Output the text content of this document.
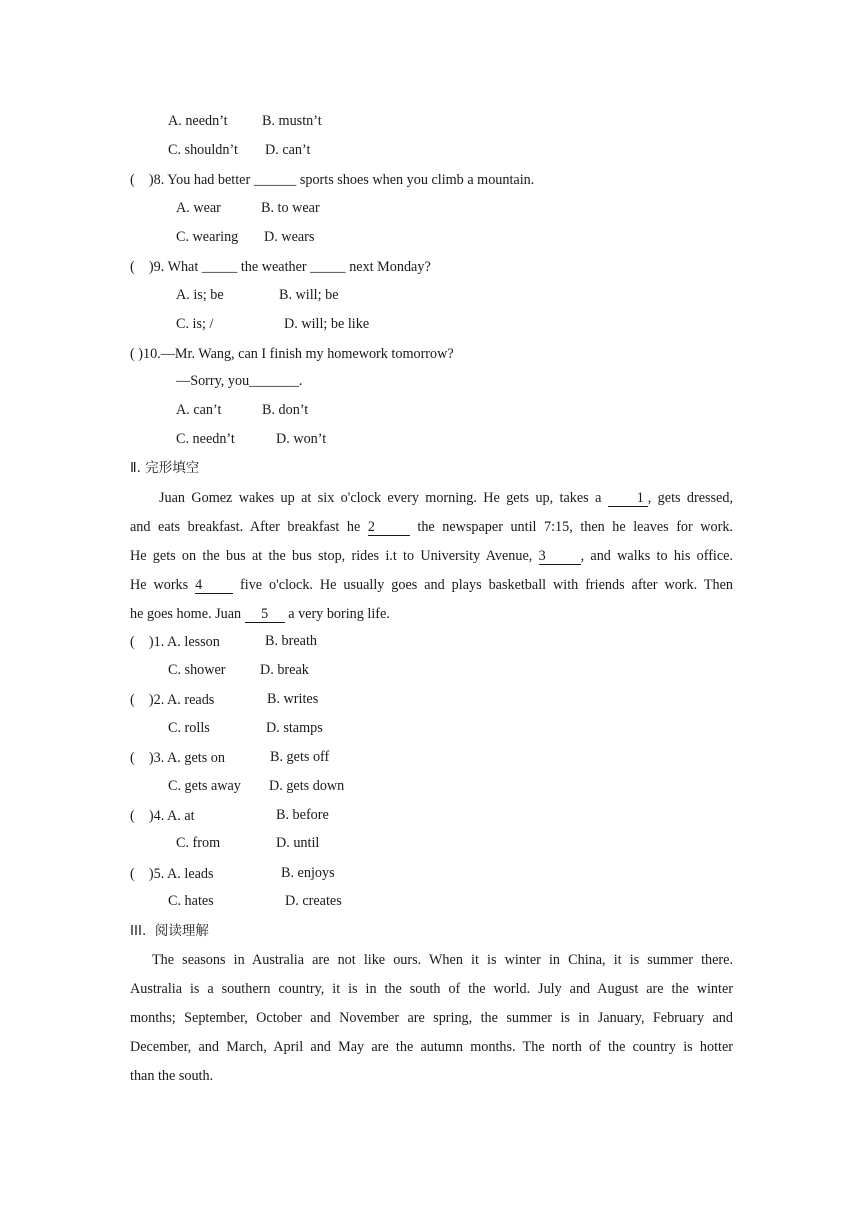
A. needn’t B. mustn’t
C. shouldn’t D. can’t
(    )8. You had better ______ sports shoes when you climb a mountain.
A. wear	B. to wear
C. wearing D. wears
(    )9. What _____ the weather _____ next Monday?
A. is; be	B. will; be
C. is; /	D. will; be like
( )10.—Mr. Wang, can I finish my homework tomorrow?
—Sorry, you_______.
A. can’t	B. don’t
C. needn’t	D. won’t
Ⅱ. 完形填空
Juan Gomez wakes up at six o'clock every morning. He gets up, takes a 1 , gets dressed,
and eats breakfast. After breakfast he 2 the newspaper until 7:15, then he leaves for work.
He gets on the bus at the bus stop, rides i.t to University Avenue, 3 , and walks to his office.
He works 4 five o'clock. He usually goes and plays basketball with friends after work. Then
he goes home. Juan 5 a very boring life.
(    )1. A. lesson	B. breath
C. shower D. break
(    )2. A. reads	B. writes
C. rolls	D. stamps
(    )3. A. gets on	B. gets off
C. gets away D. gets down
(    )4. A. at	B. before
C. from	D. until
(    )5. A. leads	B. enjoys
C. hates	D. creates
III.  阅读理解
The seasons in Australia are not like ours. When it is winter in China, it is summer there.
Australia is a southern country, it is in the south of the world. July and August are the winter
months; September, October and November are spring, the summer is in January, February and
December, and March, April and May are the autumn months. The north of the country is hotter
than the south.
